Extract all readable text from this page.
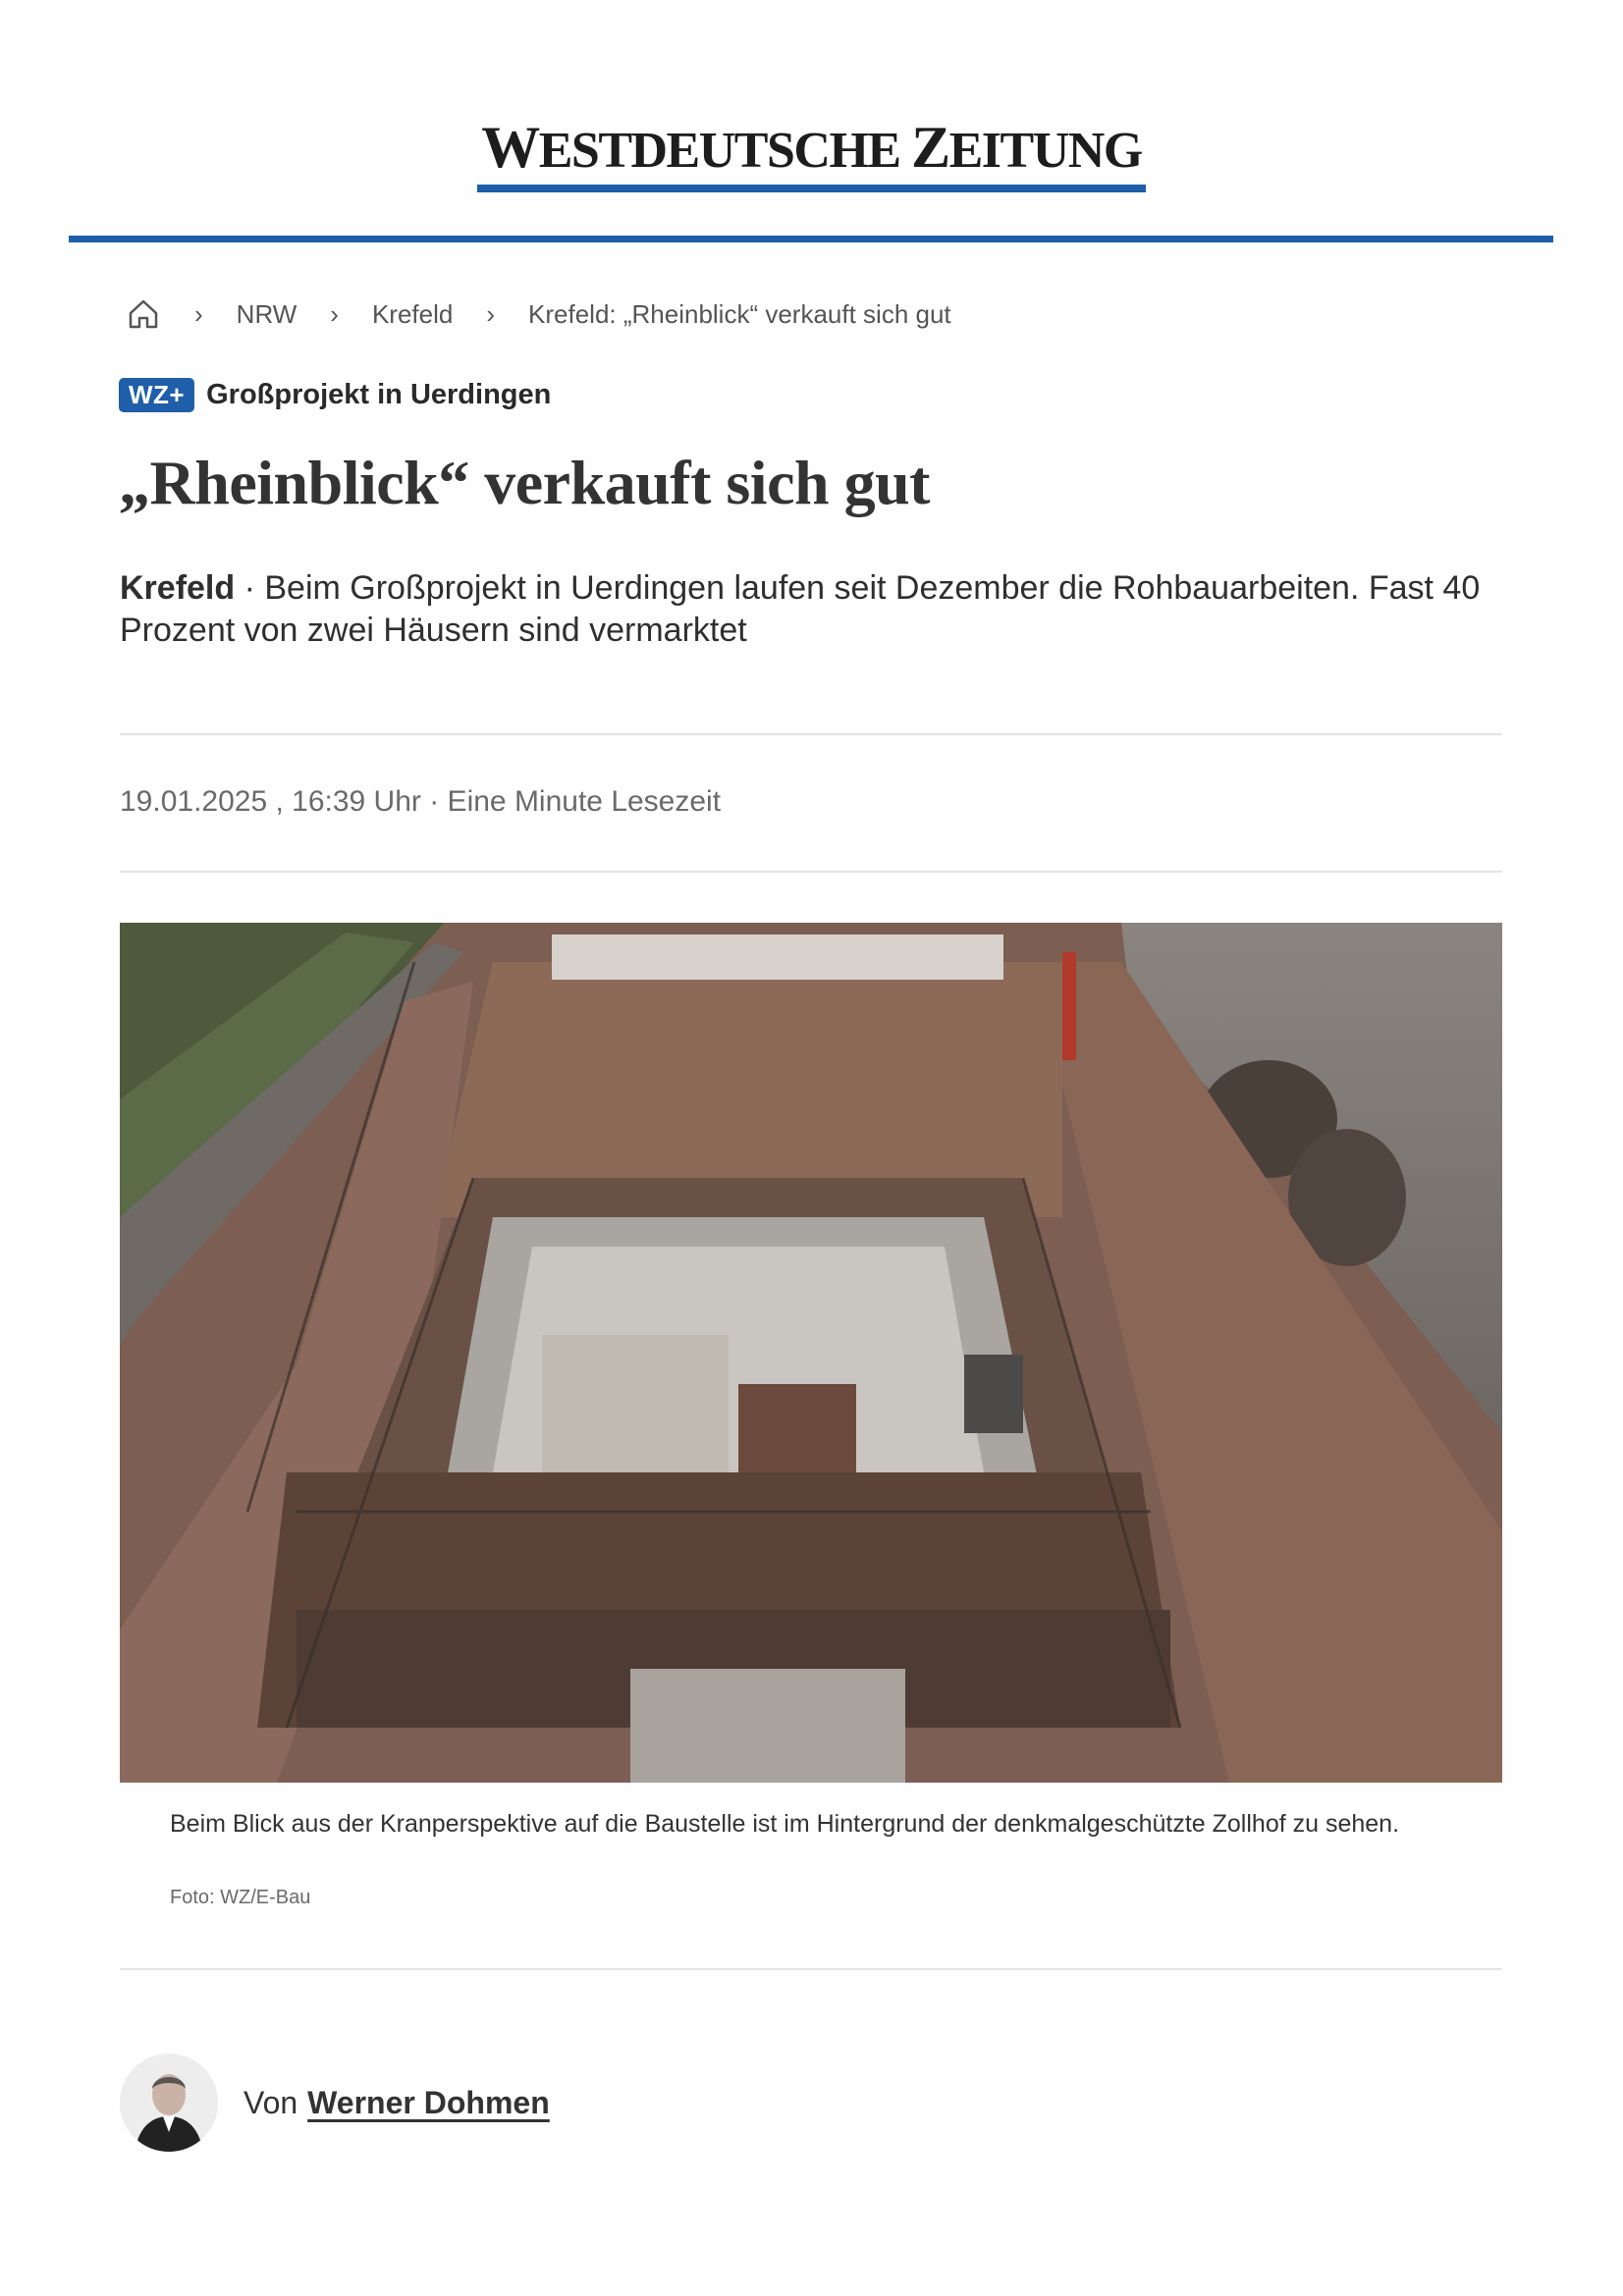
WESTDEUTSCHE ZEITUNG
› NRW › Krefeld › Krefeld: „Rheinblick“ verkauft sich gut
WZ+ Großprojekt in Uerdingen
„Rheinblick“ verkauft sich gut

Krefeld · Beim Großprojekt in Uerdingen laufen seit Dezember die Rohbauarbeiten. Fast 40 Prozent von zwei Häusern sind vermarktet

19.01.2025 , 16:39 Uhr · Eine Minute Lesezeit

Beim Blick aus der Kranperspektive auf die Baustelle ist im Hintergrund der denkmalgeschützte Zollhof zu sehen.

Foto: WZ/E-Bau
Von Werner Dohmen
